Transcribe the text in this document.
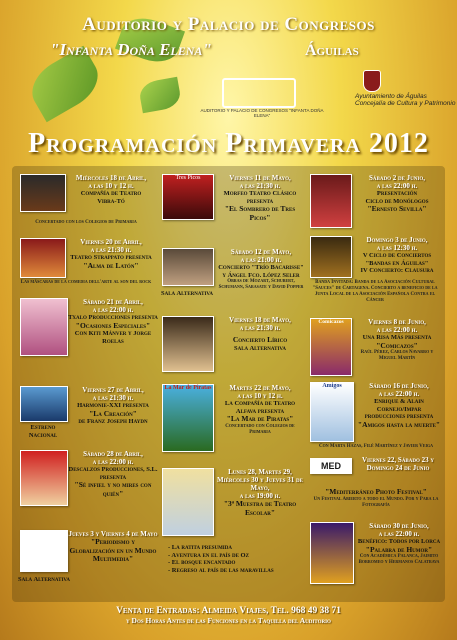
Auditorio y Palacio de Congresos
"Infanta Doña Elena"	Águilas
AUDITORIO Y PALACIO DE CONGRESOS "INFANTA DOÑA ELENA"
Ayuntamiento de Águilas
Concejalía de Cultura y Patrimonio
Programación Primavera 2012
Miércoles 18 de Abril,
a las 10 y 12 h.
Compañía de Teatro
Vibra-Tó
Concertado con los Colegios de Primaria
Viernes 20 de Abril,
a las 21:30 h.
Teatro Strappato presenta
"Alma de Latón"
Las máscaras de la comedia dell'arte al son del rock
Sábado 21 de Abril,
a las 22:00 h.
Txalo Producciones presenta
"Ocasiones Especiales"
Con Kiti Mánver y Jorge Roelas
Viernes 27 de Abril,
a las 21:30 h.
Harmonie-XXI presenta
"La Creación"
de Franz Joseph Haydn
Estreno Nacional
Sábado 28 de Abril,
a las 22:00 h.
Descalzos Producciones, S.L. presenta
"Sé infiel y no mires con quién"
Jueves 3 y Viernes 4 de Mayo
"Periodismo y Globalización en un Mundo Multimedia"
Sala Alternativa
Tres Picos	Viernes 11 de Mayo,
a las 21:30 h.
Morfeo Teatro Clásico
presenta
"El Sombrero de Tres Picos"
Sábado 12 de Mayo,
a las 21:00 h.
Concierto "Trío Bacarisse"
y Ángel Fco. López Seler
Obras de Mozart, Schubert, Schumann, Sarasate y David Popper
Sala Alternativa
Viernes 18 de Mayo,
a las 21:30 h.
Concierto Lírico
Sala Alternativa
La Mar de Piratas	Martes 22 de Mayo,
a las 10 y 12 h.
La Compañía de Teatro
Alfava presenta
"La Mar de Piratas"
Concertado con Colegios de Primaria
Lunes 28, Martes 29, Miércoles 30 y Jueves 31 de Mayo,
a las 19:00 h.
"3ª Muestra de Teatro Escolar"
- La ratita presumida
- Aventura en el país de Oz
- El bosque encantado
- Regreso al país de las maravillas
Sábado 2 de Junio,
a las 22:00 h.
Presentación
Ciclo de Monólogos
"Ernesto Sevilla"
Domingo 3 de Junio,
a las 12:30 h.
V Ciclo de Conciertos
"Bandas en Águilas"
IV Concierto: Clausura
Banda Invitada: Banda de la Asociación Cultural "Sauces" de Cartagena. Concierto a beneficio de la Junta Local de la Asociación Española Contra el Cáncer
Comicazos	Viernes 8 de Junio,
a las 22:00 h.
Una Risa Más presenta
"Comicazos"
Raúl Pérez, Carlos Navarro y Miguel Martín
Amigos	Sábado 16 de Junio,
a las 22:00 h.
Enrique & Alain Cornejo/Impar
producciones presenta
"Amigos hasta la muerte"
Con Marta Hazas, Filé Martínez y Javier Veiga
MED
Viernes 22, Sábado 23 y Domingo 24 de Junio
"Mediterráneo Photo Festival"
Un Festival Abierto a todo el Mundo. Por y Para la Fotografía
Sábado 30 de Junio,
a las 22:00 h.
Benéfico: Todos por Lorca
"Palabra de Humor"
Con Académica Palanca, Jaimito Borromeo y Hermanos Calatrava
Venta de Entradas: Almeida Viajes, Tel. 968 49 38 71
y Dos Horas Antes de las Funciones en la Taquilla del Auditorio
